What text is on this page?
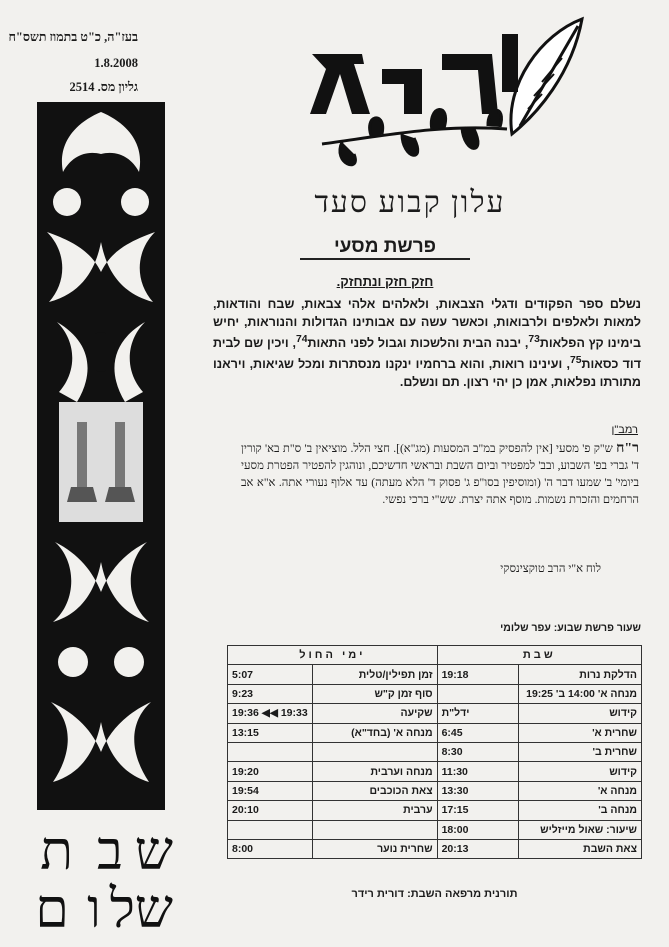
בעז"ה, כ"ט בתמוז תשס"ח
1.8.2008
גליון מס. 2514
עלון קבוע סעד
פרשת מסעי
חזק חזק ונתחזק.
נשלם ספר הפקודים ודגלי הצבאות, ולאלהים אלהי צבאות, שבח והודאות, למאות ולאלפים ולרבואות, וכאשר עשה עם אבותינו הגדולות והנוראות, יחיש בימינו קץ הפלאות$^{73}$, יבנה הבית והלשכות וגבול לפני התאות$^{74}$, ויכין שם לבית דוד כסאות$^{75}$, ועינינו רואות, והוא ברחמיו ינקנו מנסתרות ומכל שגיאות, ויראנו מתורתו נפלאות, אמן כן יהי רצון. תם ונשלם.
רמב"ן
ר"ח ש"ק פ' מסעי [אין להפסיק במ"ב המסעות (מג"א)]. חצי הלל. מוציאין ב' ס"ת בא' קורין ד' גברי בפ' השבוע, ובב' למפטיר וביום השבת ובראשי חדשיכם, ונוהגין להפטיר הפטרת מסעי ביומי' ב' שמעו דבר ה' (ומוסיפין בסו"פ ג' פסוק ד' הלא מעתה) עד אלוף נעורי אתה. א"א אב הרחמים והזכרת נשמות. מוסף אתה יצרת. שש"י ברכי נפשי.
לוח א"י הרב טוקצינסקי
שעור פרשת שבוע: עפר שלומי
שבת		ימי החול	
הדלקת נרות	19:18	זמן תפילין/טלית	5:07
מנחה א' 14:00 ב' 19:25		סוף זמן ק"ש	9:23
קידוש	ידל"ת	שקיעה	19:36 ◀◀ 19:33
שחרית א'	6:45	מנחה א' (בחד"א)	13:15
שחרית ב'	8:30		
קידוש	11:30	מנחה וערבית	19:20
מנחה א'	13:30	צאת הכוכבים	19:54
מנחה ב'	17:15	ערבית	20:10
שיעור: שאול מייזליש	18:00		
צאת השבת	20:13	שחרית נוער	8:00
תורנית מרפאה השבת: דורית רידר
ש
ב
ת
ש
ל
ו
ם
